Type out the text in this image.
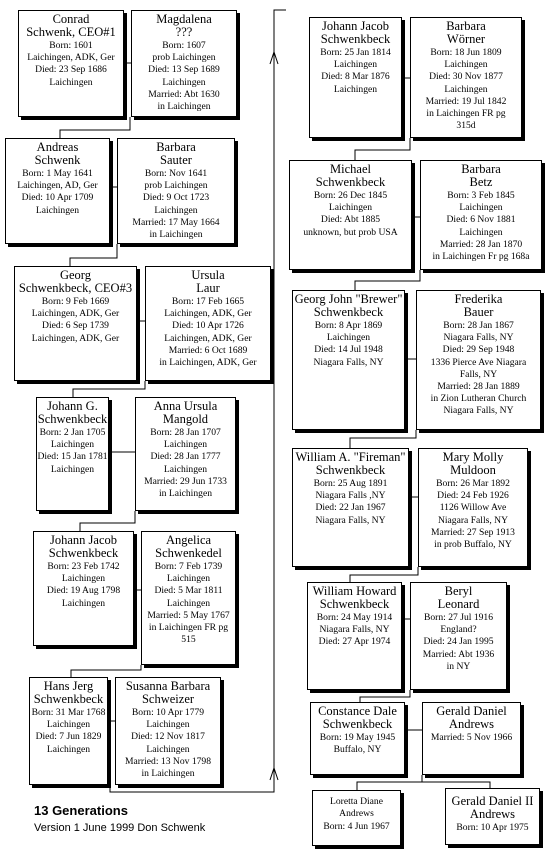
Conrad
Schwenk, CEO#1
Born: 1601
Laichingen, ADK, Ger
Died: 23 Sep 1686
Laichingen
Magdalena
???
Born: 1607
prob Laichingen
Died: 13 Sep 1689
Laichingen
Married: Abt 1630
in Laichingen
Andreas
Schwenk
Born: 1 May 1641
Laichingen, AD, Ger
Died: 10 Apr 1709
Laichingen
Barbara
Sauter
Born: Nov 1641
prob Laichingen
Died: 9 Oct 1723
Laichingen
Married: 17 May 1664
in Laichingen
Georg
Schwenkbeck, CEO#3
Born: 9 Feb 1669
Laichingen, ADK, Ger
Died: 6 Sep 1739
Laichingen, ADK, Ger
Ursula
Laur
Born: 17 Feb 1665
Laichingen, ADK, Ger
Died: 10 Apr 1726
Laichingen, ADK, Ger
Married: 6 Oct 1689
in Laichingen, ADK, Ger
Johann G.
Schwenkbeck
Born: 2 Jan 1705
Laichingen
Died: 15 Jan 1781
Laichingen
Anna Ursula
Mangold
Born: 28 Jan 1707
Laichingen
Died: 28 Jan 1777
Laichingen
Married: 29 Jun 1733
in Laichingen
Johann Jacob
Schwenkbeck
Born: 23 Feb 1742
Laichingen
Died: 19 Aug 1798
Laichingen
Angelica
Schwenkedel
Born: 7 Feb 1739
Laichingen
Died: 5 Mar 1811
Laichingen
Married: 5 May 1767
in Laichingen FR pg
515
Hans Jerg
Schwenkbeck
Born: 31 Mar 1768
Laichingen
Died: 7 Jun 1829
Laichingen
Susanna Barbara
Schweizer
Born: 10 Apr 1779
Laichingen
Died: 12 Nov 1817
Laichingen
Married: 13 Nov 1798
in Laichingen
Johann Jacob
Schwenkbeck
Born: 25 Jan 1814
Laichingen
Died: 8 Mar 1876
Laichingen
Barbara
Wörner
Born: 18 Jun 1809
Laichingen
Died: 30 Nov 1877
Laichingen
Married: 19 Jul 1842
in Laichingen FR pg
315d
Michael
Schwenkbeck
Born: 26 Dec 1845
Laichingen
Died: Abt 1885
unknown, but prob USA
Barbara
Betz
Born: 3 Feb 1845
Laichingen
Died: 6 Nov 1881
Laichingen
Married: 28 Jan 1870
in Laichingen Fr pg 168a
Georg John "Brewer"
Schwenkbeck
Born: 8 Apr 1869
Laichingen
Died: 14 Jul 1948
Niagara Falls, NY
Frederika
Bauer
Born: 28 Jan 1867
Niagara Falls, NY
Died: 29 Sep 1948
1336 Pierce Ave Niagara
Falls, NY
Married: 28 Jan 1889
in Zion Lutheran Church
Niagara Falls, NY
William A. "Fireman"
Schwenkbeck
Born: 25 Aug 1891
Niagara Falls ,NY
Died: 22 Jan 1967
Niagara Falls, NY
Mary Molly
Muldoon
Born: 26 Mar 1892
Died: 24 Feb 1926
1126 Willow Ave
Niagara Falls, NY
Married: 27 Sep 1913
in prob Buffalo, NY
William Howard
Schwenkbeck
Born: 24 May 1914
Niagara Falls, NY
Died: 27 Apr 1974
Beryl
Leonard
Born: 27 Jul 1916
England?
Died: 24 Jan 1995
Married: Abt 1936
in NY
Constance Dale
Schwenkbeck
Born: 19 May 1945
Buffalo, NY
Gerald Daniel
Andrews
Married: 5 Nov 1966
Loretta Diane
Andrews
Born: 4 Jun 1967
Gerald Daniel II
Andrews
Born: 10 Apr 1975
13 Generations
Version 1 June 1999 Don Schwenk
